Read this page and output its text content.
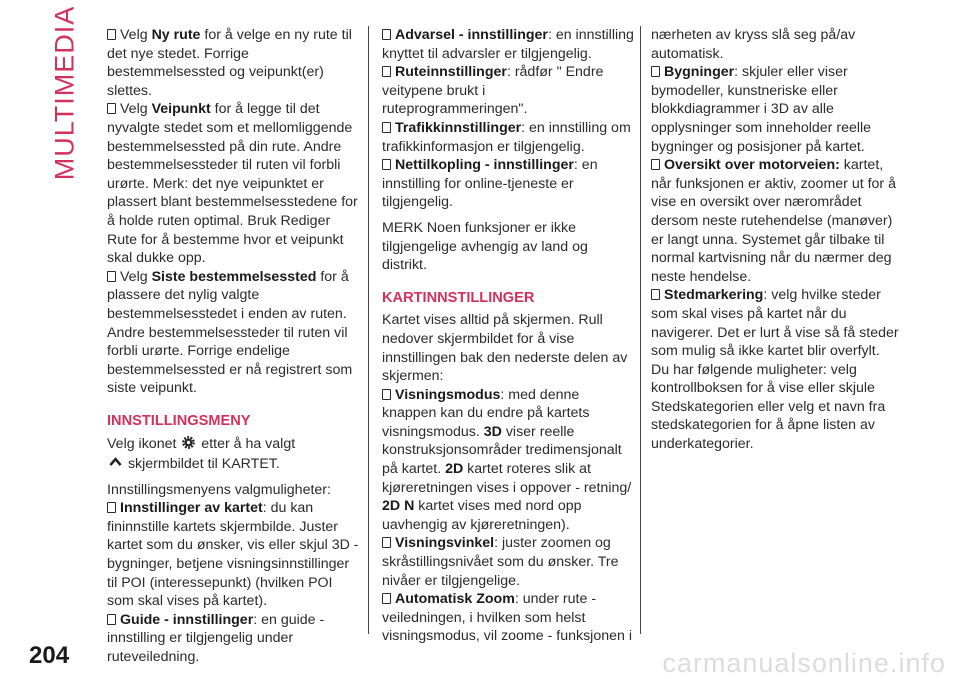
MULTIMEDIA	Velg Ny rute for å velge en ny rute til det nye stedet. Forrige bestemmelsessted og veipunkt(er) slettes.

Velg Veipunkt for å legge til det nyvalgte stedet som et mellomliggende bestemmelsessted på din rute. Andre bestemmelsessteder til ruten vil forbli urørte. Merk: det nye veipunktet er plassert blant bestemmelsesstedene for å holde ruten optimal. Bruk Rediger Rute for å bestemme hvor et veipunkt skal dukke opp.

Velg Siste bestemmelsessted for å plassere det nylig valgte bestemmelsesstedet i enden av ruten. Andre bestemmelsessteder til ruten vil forbli urørte. Forrige endelige bestemmelsessted er nå registrert som siste veipunkt.

INNSTILLINGSMENY

Velg ikonet  etter å ha valgt
skjermbildet til KARTET.

Innstillingsmenyens valgmuligheter:

Innstillinger av kartet: du kan fininnstille kartets skjermbilde. Juster kartet som du ønsker, vis eller skjul 3D - bygninger, betjene visningsinnstillinger til POI (interessepunkt) (hvilken POI som skal vises på kartet).

Guide - innstillinger: en guide - innstilling er tilgjengelig under ruteveiledning.

Advarsel - innstillinger: en innstilling knyttet til advarsler er tilgjengelig.

Ruteinnstillinger: rådfør " Endre veitypene brukt i ruteprogrammeringen".

Trafikkinnstillinger: en innstilling om trafikkinformasjon er tilgjengelig.

Nettilkopling - innstillinger: en innstilling for online-tjeneste er tilgjengelig.

MERK Noen funksjoner er ikke tilgjengelige avhengig av land og distrikt.

KARTINNSTILLINGER

Kartet vises alltid på skjermen. Rull nedover skjermbildet for å vise innstillingen bak den nederste delen av skjermen:

Visningsmodus: med denne knappen kan du endre på kartets visningsmodus. 3D viser reelle konstruksjonsområder tredimensjonalt på kartet. 2D kartet roteres slik at kjøreretningen vises i oppover - retning/ 2D N kartet vises med nord opp uavhengig av kjøreretningen).

Visningsvinkel: juster zoomen og skråstillingsnivået som du ønsker. Tre nivåer er tilgjengelige.

Automatisk Zoom: under rute - veiledningen, i hvilken som helst visningsmodus, vil zoome - funksjonen i

nærheten av kryss slå seg på/av automatisk.

Bygninger: skjuler eller viser bymodeller, kunstneriske eller blokkdiagrammer i 3D av alle opplysninger som inneholder reelle bygninger og posisjoner på kartet.

Oversikt over motorveien: kartet, når funksjonen er aktiv, zoomer ut for å vise en oversikt over nærområdet dersom neste rutehendelse (manøver) er langt unna. Systemet går tilbake til normal kartvisning når du nærmer deg neste hendelse.

Stedmarkering: velg hvilke steder som skal vises på kartet når du navigerer. Det er lurt å vise så få steder som mulig så ikke kartet blir overfylt. Du har følgende muligheter: velg kontrollboksen for å vise eller skjule Stedskategorien eller velg et navn fra stedskategorien for å åpne listen av underkategorier.

204	carmanualsonline.info
